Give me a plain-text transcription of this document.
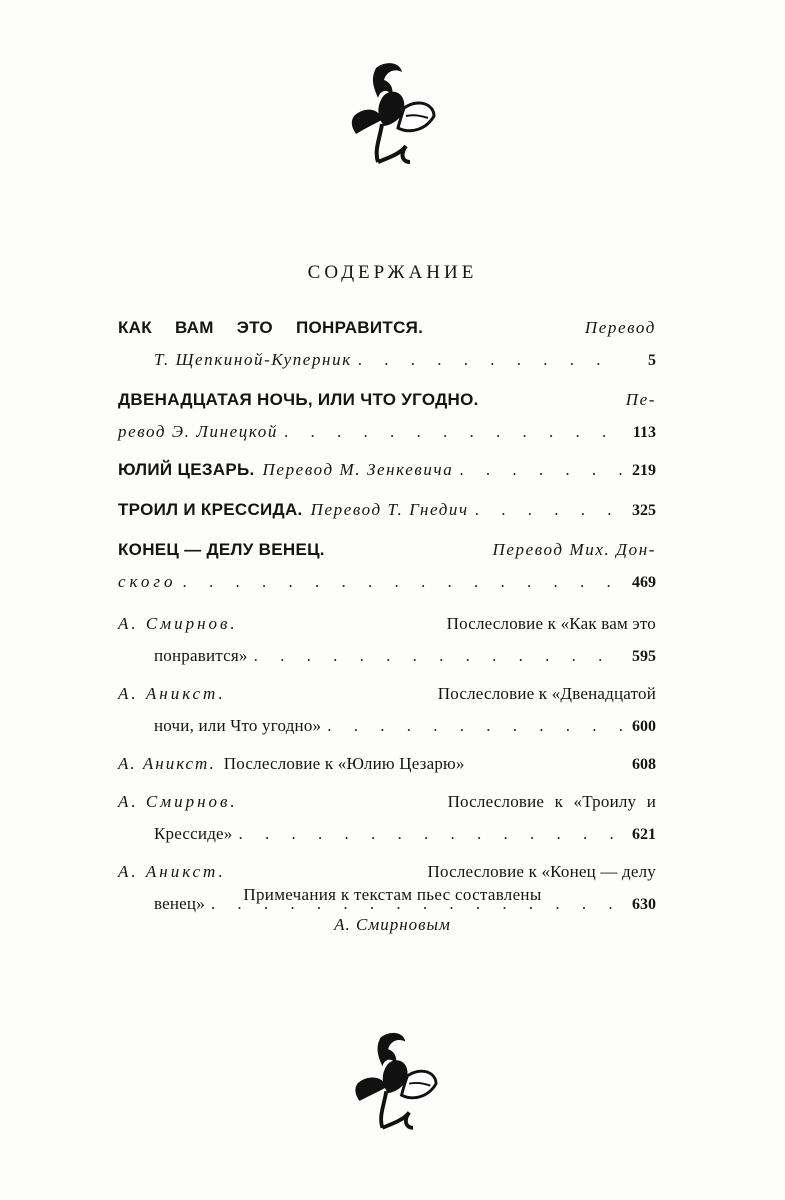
СОДЕРЖАНИЕ
КАК ВАМ ЭТО ПОНРАВИТСЯ.	Перевод
Т. Щепкиной-Куперник . . .	5
ДВЕНАДЦАТАЯ НОЧЬ, ИЛИ ЧТО УГОДНО.	Пе-
ревод Э. Линецкой . . .	113
ЮЛИЙ ЦЕЗАРЬ. Перевод М. Зенкевича . . .	219
ТРОИЛ И КРЕССИДА. Перевод Т. Гнедич . . .	325
КОНЕЦ — ДЕЛУ ВЕНЕЦ.	Перевод Мих. Дон-
ского . . .	469
А. Смирнов.	Послесловие к «Как вам это
понравится» . . .	595
А. Аникст.	Послесловие к «Двенадцатой
ночи, или Что угодно» . . .	600
А. Аникст. Послесловие к «Юлию Цезарю»	608
А. Смирнов.	Послесловие к «Троилу и
Крессиде» . . .	621
А. Аникст.	Послесловие к «Конец — делу
венец» . . .	630
Примечания к текстам пьес составлены
А. Смирновым
